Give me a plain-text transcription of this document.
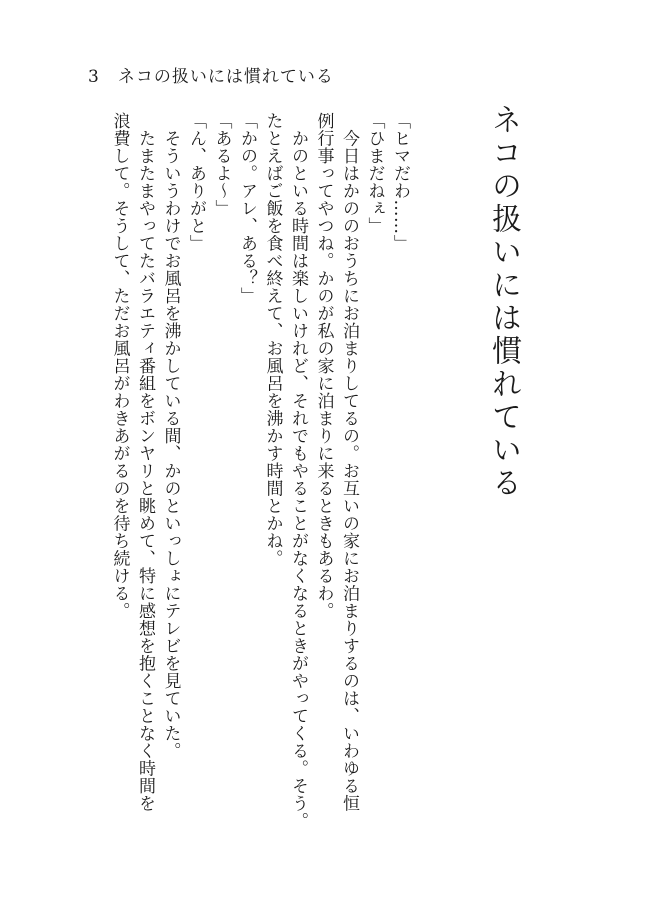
3 ネコの扱いには慣れている
ネコの扱いには慣れている

「ヒマだわ……」

「ひまだねぇ」

　今日はかののおうちにお泊まりしてるの。お互いの家にお泊まりするのは、いわゆる恒

例行事ってやつね。かのが私の家に泊まりに来るときもあるわ。

　かのといる時間は楽しいけれど、それでもやることがなくなるときがやってくる。そう。

たとえばご飯を食べ終えて、お風呂を沸かす時間とかね。

「かの。アレ、ある？」

「あるよ～」

「ん、ありがと」

　そういうわけでお風呂を沸かしている間、かのといっしょにテレビを見ていた。

　たまたまやってたバラエティ番組をボンヤリと眺めて、特に感想を抱くことなく時間を

浪費して。そうして、ただお風呂がわきあがるのを待ち続ける。
